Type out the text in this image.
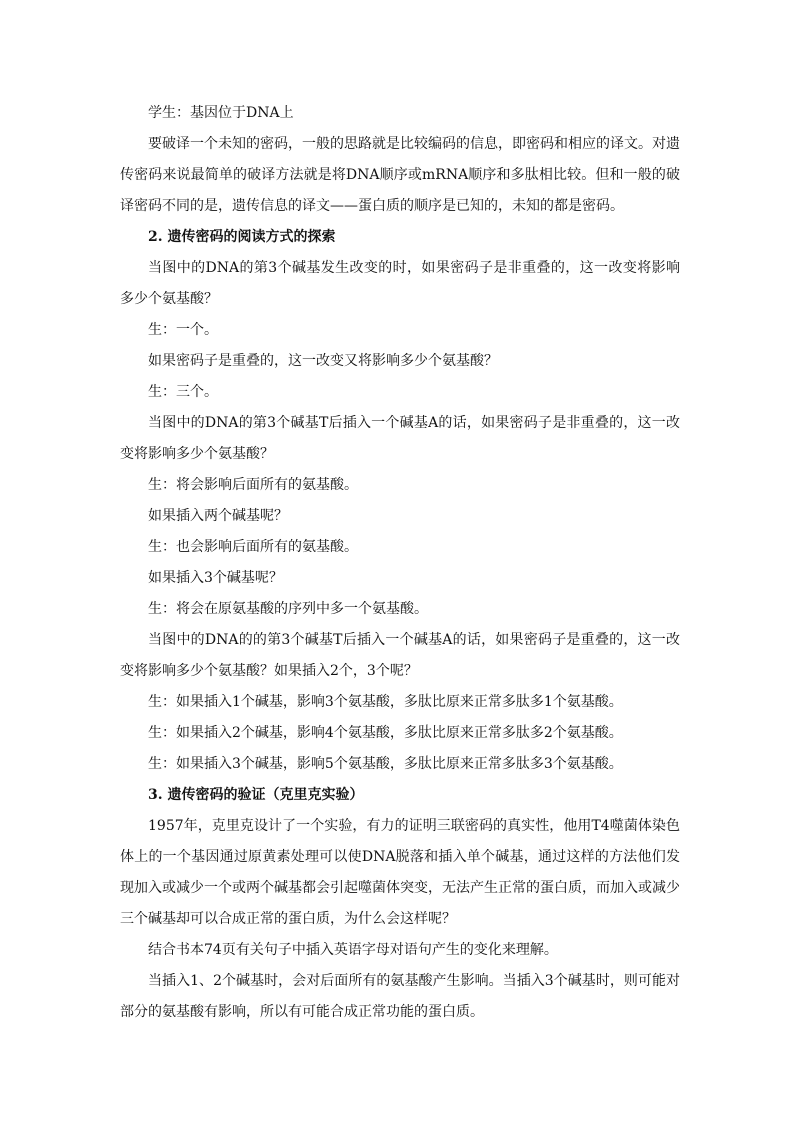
学生：基因位于DNA上

要破译一个未知的密码，一般的思路就是比较编码的信息，即密码和相应的译文。对遗传密码来说最简单的破译方法就是将DNA顺序或mRNA顺序和多肽相比较。但和一般的破译密码不同的是，遗传信息的译文——蛋白质的顺序是已知的，未知的都是密码。

2. 遗传密码的阅读方式的探索

当图中的DNA的第3个碱基发生改变的时，如果密码子是非重叠的，这一改变将影响多少个氨基酸？

生：一个。

如果密码子是重叠的，这一改变又将影响多少个氨基酸？

生：三个。

当图中的DNA的第3个碱基T后插入一个碱基A的话，如果密码子是非重叠的，这一改变将影响多少个氨基酸？

生：将会影响后面所有的氨基酸。

如果插入两个碱基呢？

生：也会影响后面所有的氨基酸。

如果插入3个碱基呢？

生：将会在原氨基酸的序列中多一个氨基酸。

当图中的DNA的的第3个碱基T后插入一个碱基A的话，如果密码子是重叠的，这一改变将影响多少个氨基酸？如果插入2个，3个呢？

生：如果插入1个碱基，影响3个氨基酸，多肽比原来正常多肽多1个氨基酸。

生：如果插入2个碱基，影响4个氨基酸，多肽比原来正常多肽多2个氨基酸。

生：如果插入3个碱基，影响5个氨基酸，多肽比原来正常多肽多3个氨基酸。

3. 遗传密码的验证（克里克实验）

1957年，克里克设计了一个实验，有力的证明三联密码的真实性，他用T4噬菌体染色体上的一个基因通过原黄素处理可以使DNA脱落和插入单个碱基，通过这样的方法他们发现加入或减少一个或两个碱基都会引起噬菌体突变，无法产生正常的蛋白质，而加入或减少三个碱基却可以合成正常的蛋白质，为什么会这样呢？

结合书本74页有关句子中插入英语字母对语句产生的变化来理解。

当插入1、2个碱基时，会对后面所有的氨基酸产生影响。当插入3个碱基时，则可能对部分的氨基酸有影响，所以有可能合成正常功能的蛋白质。
